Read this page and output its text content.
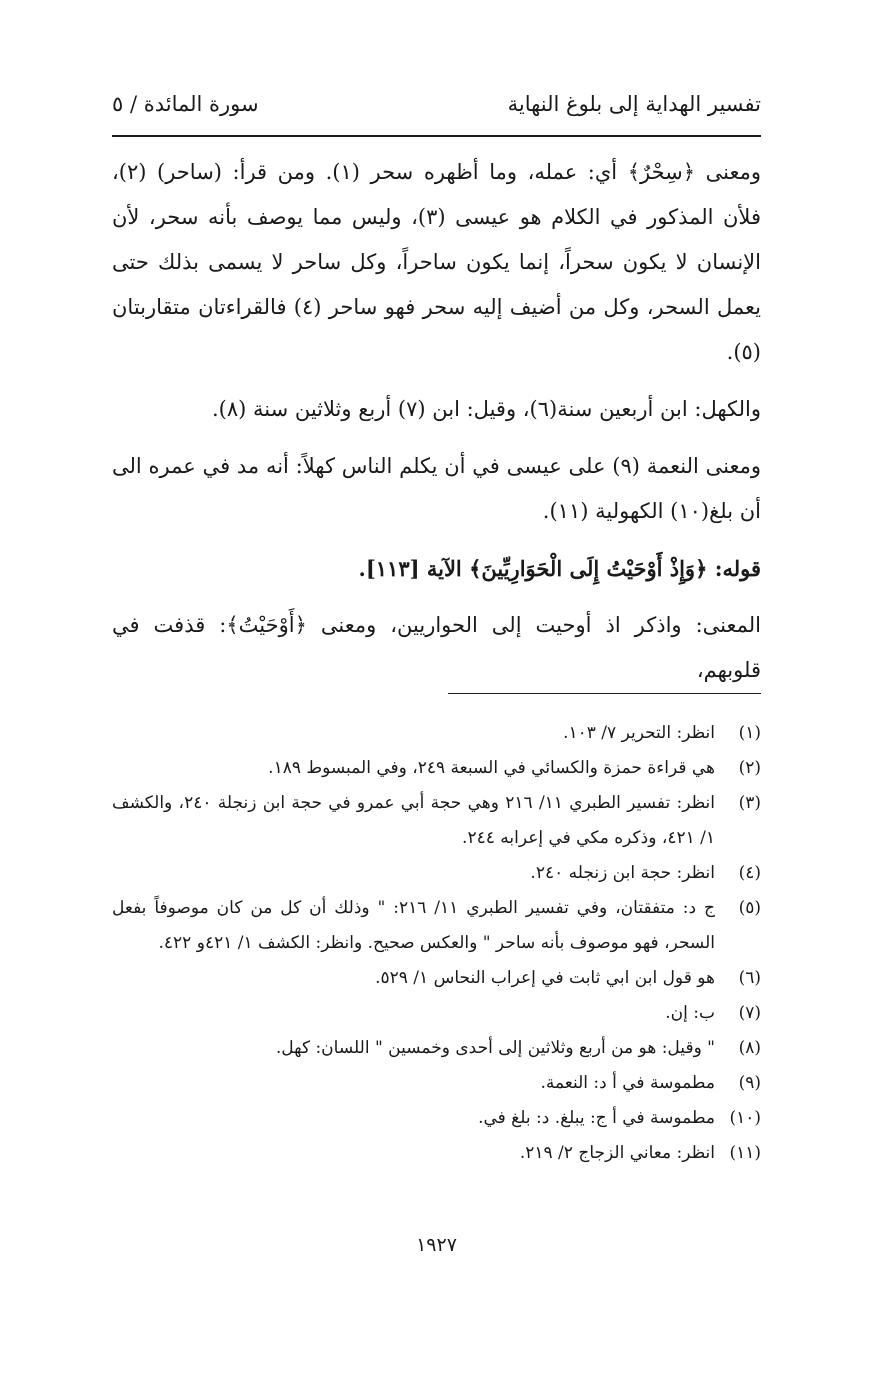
تفسير الهداية إلى بلوغ النهاية
سورة المائدة / ٥

ومعنى ﴿سِحْرٌ﴾ أي: عمله، وما أظهره سحر (١). ومن قرأ: (ساحر) (٢)، فلأن المذكور في الكلام هو عيسى (٣)، وليس مما يوصف بأنه سحر، لأن الإنسان لا يكون سحراً، إنما يكون ساحراً، وكل ساحر لا يسمى بذلك حتى يعمل السحر، وكل من أضيف إليه سحر فهو ساحر (٤) فالقراءتان متقاربتان (٥).

والكهل: ابن أربعين سنة(٦)، وقيل: ابن (٧) أربع وثلاثين سنة (٨).

ومعنى النعمة (٩) على عيسى في أن يكلم الناس كهلاً: أنه مد في عمره الى أن بلغ(١٠) الكهولية (١١).

قوله: ﴿وَإِذْ أَوْحَيْتُ إِلَى الْحَوَارِيِّينَ﴾ الآية [١١٣].

المعنى: واذكر اذ أوحيت إلى الحواريين، ومعنى ﴿أَوْحَيْتُ﴾: قذفت في قلوبهم،

(١)
انظر: التحرير ٧/ ١٠٣.
(٢)
هي قراءة حمزة والكسائي في السبعة ٢٤٩، وفي المبسوط ١٨٩.
(٣)
انظر: تفسير الطبري ١١/ ٢١٦ وهي حجة أبي عمرو في حجة ابن زنجلة ٢٤٠، والكشف ١/ ٤٢١، وذكره مكي في إعرابه ٢٤٤.
(٤)
انظر: حجة ابن زنجله ٢٤٠.
(٥)
ج د: متفقتان، وفي تفسير الطبري ١١/ ٢١٦: " وذلك أن كل من كان موصوفاً بفعل السحر، فهو موصوف بأنه ساحر " والعكس صحيح. وانظر: الكشف ١/ ٤٢١و ٤٢٢.
(٦)
هو قول ابن ابي ثابت في إعراب النحاس ١/ ٥٢٩.
(٧)
ب: إن.
(٨)
" وقيل: هو من أربع وثلاثين إلى أحدى وخمسين " اللسان: كهل.
(٩)
مطموسة في أ د: النعمة.
(١٠)
مطموسة في أ ج: يبلغ. د: بلغ في.
(١١)
انظر: معاني الزجاج ٢/ ٢١٩.
١٩٢٧
